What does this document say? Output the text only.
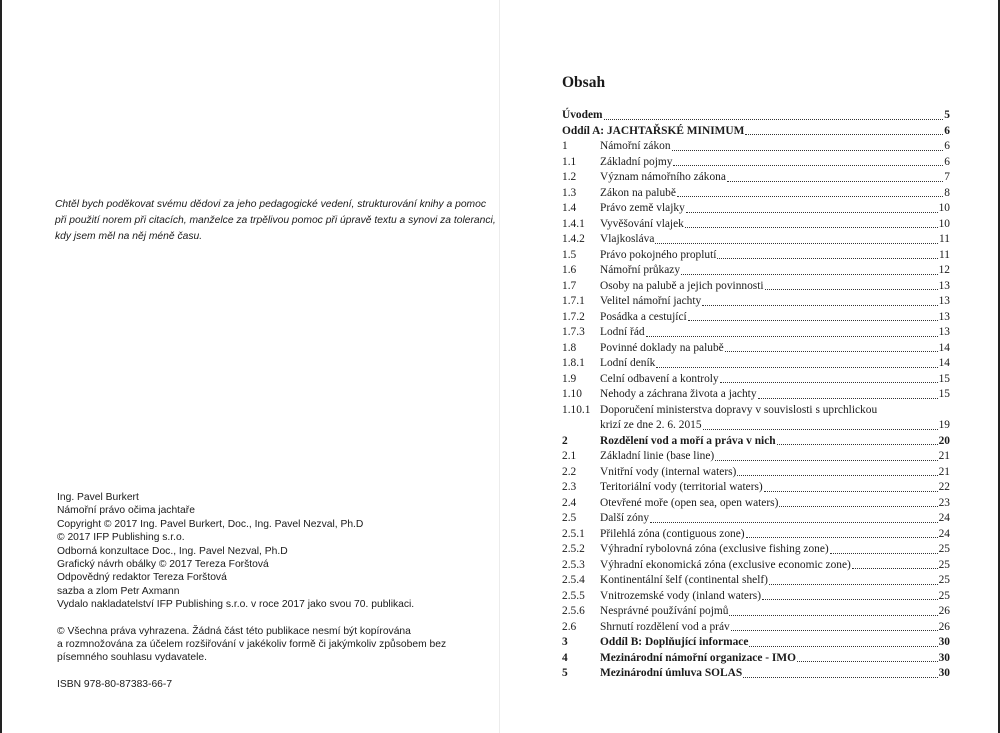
Chtěl bych poděkovat svému dědovi za jeho pedagogické vedení, strukturování knihy a pomoc
při použití norem při citacích, manželce za trpělivou pomoc při úpravě textu a synovi za toleranci,
kdy jsem měl na něj méně času.
Ing. Pavel Burkert
Námořní právo očima jachtaře
Copyright © 2017 Ing. Pavel Burkert, Doc., Ing. Pavel Nezval, Ph.D
© 2017 IFP Publishing s.r.o.
Odborná konzultace Doc., Ing. Pavel Nezval, Ph.D
Grafický návrh obálky © 2017 Tereza Forštová
Odpovědný redaktor Tereza Forštová
sazba a zlom Petr Axmann
Vydalo nakladatelství IFP Publishing s.r.o. v roce 2017 jako svou 70. publikaci.
© Všechna práva vyhrazena. Žádná část této publikace nesmí být kopírována
a rozmnožována za účelem rozšiřování v jakékoliv formě či jakýmkoliv způsobem bez
písemného souhlasu vydavatele.
ISBN 978-80-87383-66-7
Obsah
Úvodem	5
Oddíl A: JACHTAŘSKÉ MINIMUM	6
1	Námořní zákon	6
1.1	Základní pojmy	6
1.2	Význam námořního zákona	7
1.3	Zákon na palubě	8
1.4	Právo země vlajky	10
1.4.1	Vyvěšování vlajek	10
1.4.2	Vlajkosláva	11
1.5	Právo pokojného proplutí	11
1.6	Námořní průkazy	12
1.7	Osoby na palubě a jejich povinnosti	13
1.7.1	Velitel námořní jachty	13
1.7.2	Posádka a cestující	13
1.7.3	Lodní řád	13
1.8	Povinné doklady na palubě	14
1.8.1	Lodní deník	14
1.9	Celní odbavení a kontroly	15
1.10	Nehody a záchrana života a jachty	15
1.10.1 Doporučení ministerstva dopravy v souvislosti s uprchlickou
krizí ze dne 2. 6. 2015	19
2	Rozdělení vod a moří a práva v nich	20
2.1	Základní linie (base line)	21
2.2	Vnitřní vody (internal waters)	21
2.3	Teritoriální vody (territorial waters)	22
2.4	Otevřené moře (open sea, open waters)	23
2.5	Další zóny	24
2.5.1	Přilehlá zóna (contiguous zone)	24
2.5.2	Výhradní rybolovná zóna (exclusive fishing zone)	25
2.5.3	Výhradní ekonomická zóna (exclusive economic zone)	25
2.5.4	Kontinentální šelf (continental shelf)	25
2.5.5	Vnitrozemské vody (inland waters)	25
2.5.6	Nesprávné používání pojmů	26
2.6	Shrnutí rozdělení vod a práv	26
3	Oddíl B: Doplňující informace	30
4	Mezinárodní námořní organizace - IMO	30
5	Mezinárodní úmluva SOLAS	30
